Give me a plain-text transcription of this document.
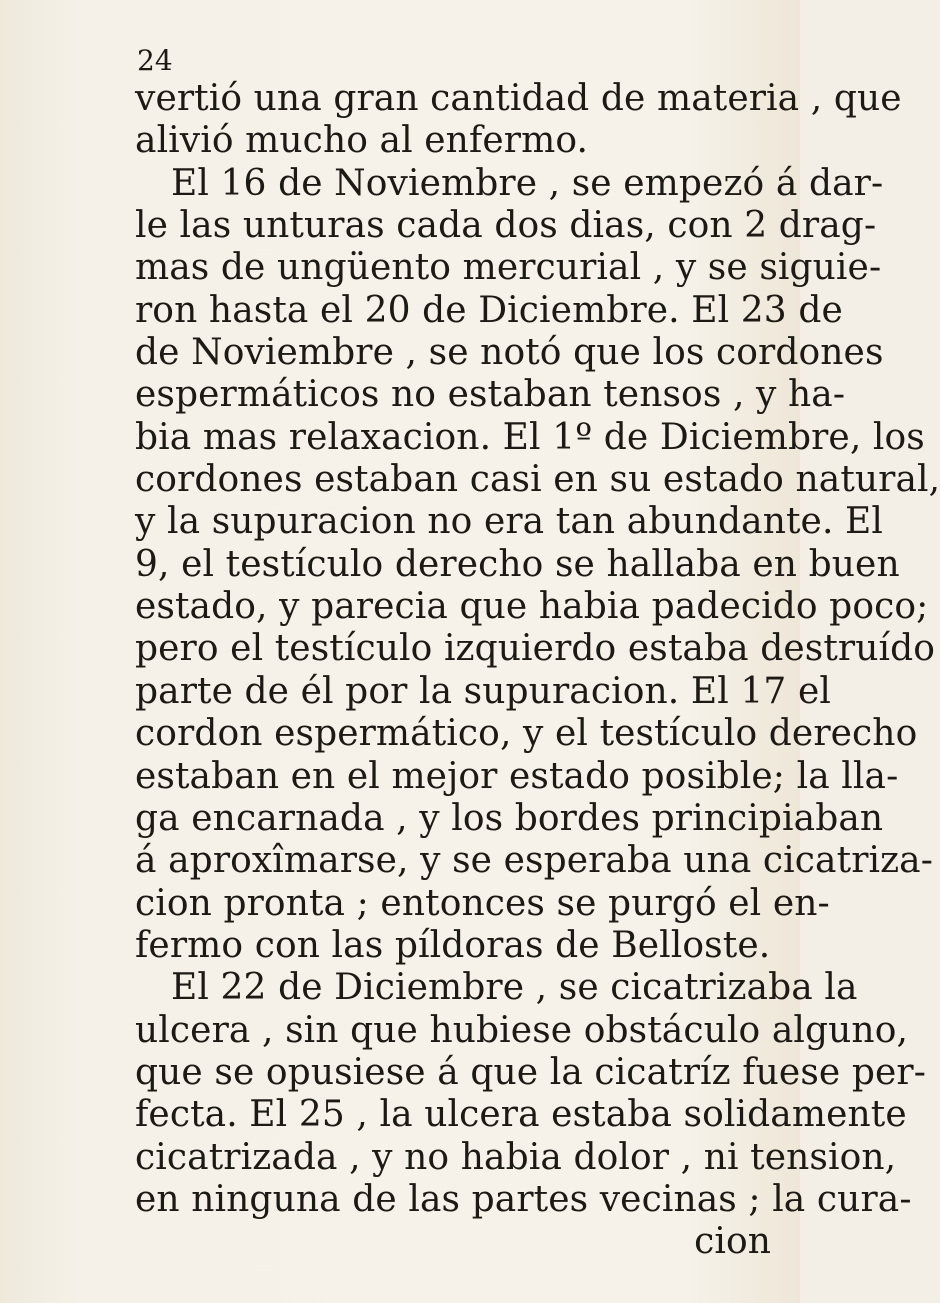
24
vertió una gran cantidad de materia , que
alivió mucho al enfermo.
El 16 de Noviembre , se empezó á dar-
le las unturas cada dos dias, con 2 drag-
mas de ungüento mercurial , y se siguie-
ron hasta el 20 de Diciembre. El 23 de
de Noviembre , se notó que los cordones
espermáticos no estaban tensos , y ha-
bia mas relaxacion. El 1º de Diciembre, los
cordones estaban casi en su estado natural,
y la supuracion no era tan abundante. El
9, el testículo derecho se hallaba en buen
estado, y parecia que habia padecido poco;
pero el testículo izquierdo estaba destruído
parte de él por la supuracion. El 17 el
cordon espermático, y el testículo derecho
estaban en el mejor estado posible; la lla-
ga encarnada , y los bordes principiaban
á aproxîmarse, y se esperaba una cicatriza-
cion pronta ; entonces se purgó el en-
fermo con las píldoras de Belloste.
El 22 de Diciembre , se cicatrizaba la
ulcera , sin que hubiese obstáculo alguno,
que se opusiese á que la cicatríz fuese per-
fecta. El 25 , la ulcera estaba solidamente
cicatrizada , y no habia dolor , ni tension,
en ninguna de las partes vecinas ; la cura-
cion
